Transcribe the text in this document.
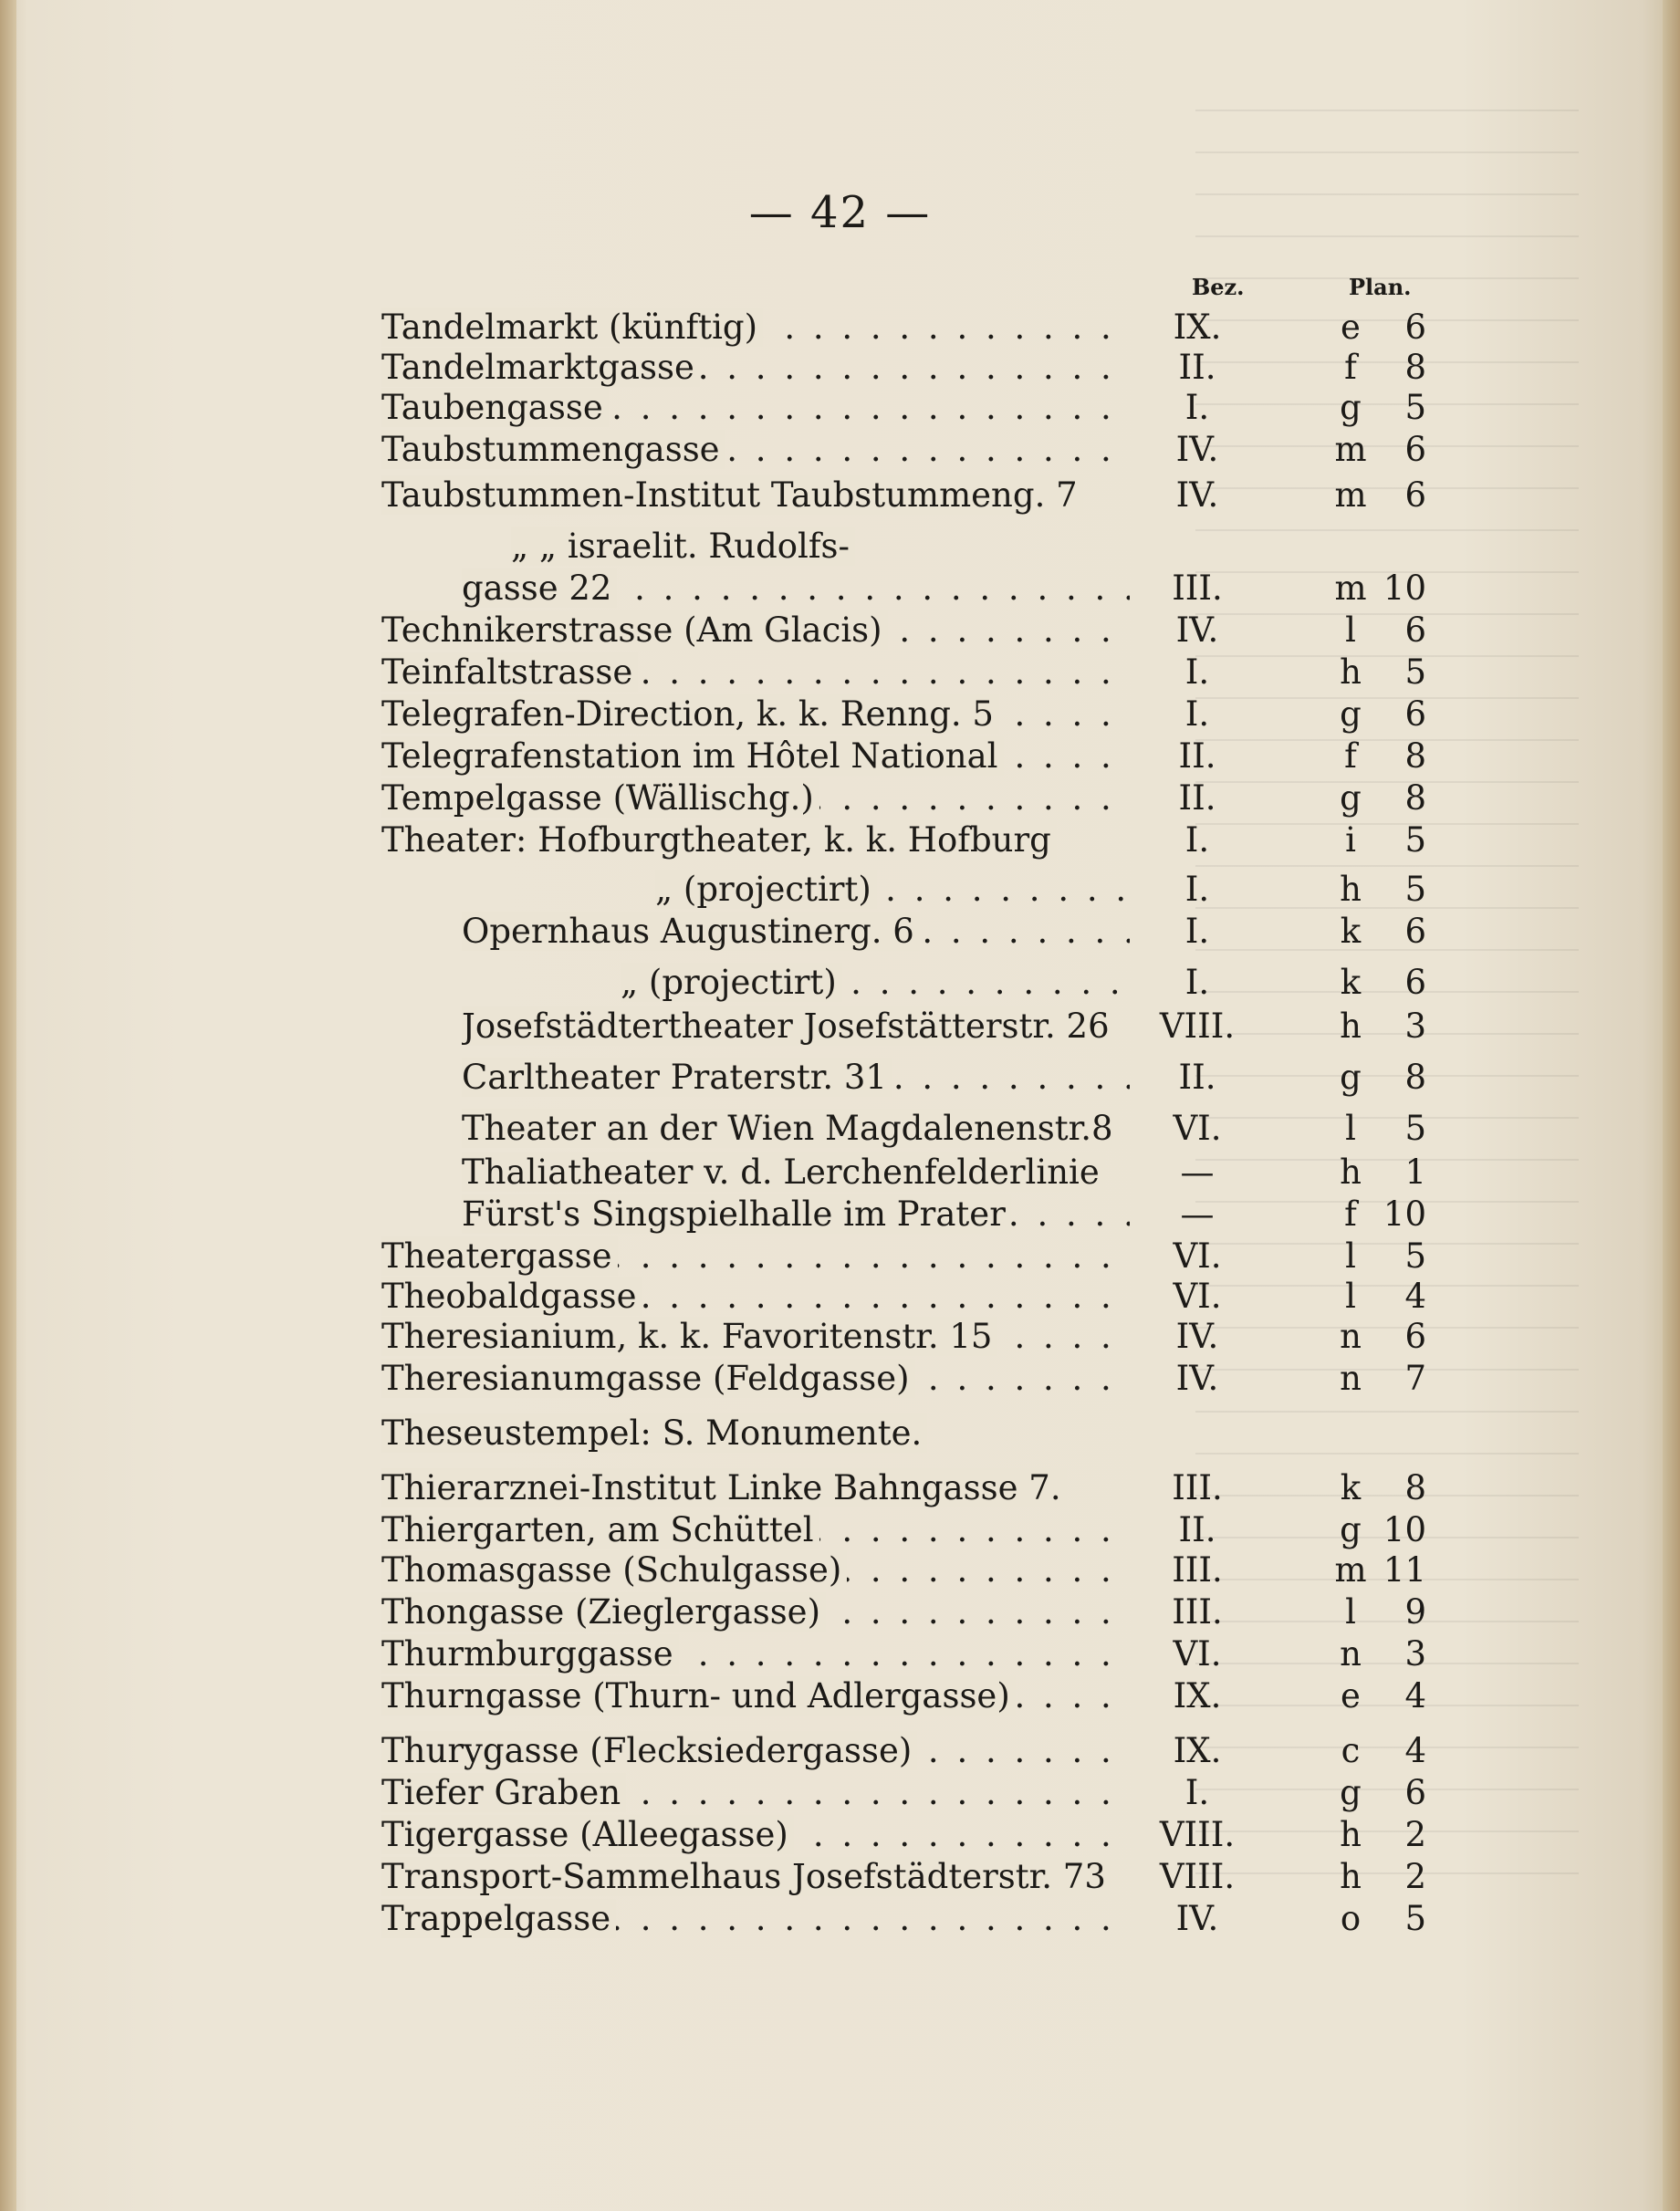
— 42 —
Bez.	Plan.
Tandelmarkt (künftig) . . .	IX.	e	6
Tandelmarktgasse . . .	II.	f	8
Taubengasse . . .	I.	g	5
Taubstummengasse . . .	IV.	m	6
Taubstummen-Institut Taubstummeng. 7	IV.	m	6
„ „ israelit. Rudolfs-
gasse 22 . . .	III.	m 10
Technikerstrasse (Am Glacis) . . .	IV.	l	6
Teinfaltstrasse . . .	I.	h	5
Telegrafen-Direction, k. k. Renng. 5 . . .	I.	g	6
Telegrafenstation im Hôtel National . . .	II.	f	8
Tempelgasse (Wällischg.) . . .	II.	g	8
Theater: Hofburgtheater, k. k. Hofburg	I.	i	5
„ (projectirt) . . .	I.	h	5
Opernhaus Augustinerg. 6 . . .	I.	k	6
„ (projectirt) . . .	I.	k	6
Josefstädtertheater Josefstätterstr. 26	VIII.	h	3
Carltheater Praterstr. 31 . . .	II.	g	8
Theater an der Wien Magdalenenstr.8	VI.	l	5
Thaliatheater v. d. Lerchenfelderlinie	—	h	1
Fürst's Singspielhalle im Prater . . .	—	f 10
Theatergasse . . .	VI.	l	5
Theobaldgasse . . .	VI.	l	4
Theresianium, k. k. Favoritenstr. 15 . . .	IV.	n	6
Theresianumgasse (Feldgasse) . . .	IV.	n	7
Theseustempel: S. Monumente.
Thierarznei-Institut Linke Bahngasse 7.	III.	k	8
Thiergarten, am Schüttel . . .	II.	g 10
Thomasgasse (Schulgasse) . . .	III.	m 11
Thongasse (Zieglergasse) . . .	III.	l	9
Thurmburggasse . . .	VI.	n	3
Thurngasse (Thurn- und Adlergasse) . . .	IX.	e	4
Thurygasse (Flecksiedergasse) . . .	IX.	c	4
Tiefer Graben . . .	I.	g	6
Tigergasse (Alleegasse) . . .	VIII.	h	2
Transport-Sammelhaus Josefstädterstr. 73	VIII.	h	2
Trappelgasse . . .	IV.	o	5
